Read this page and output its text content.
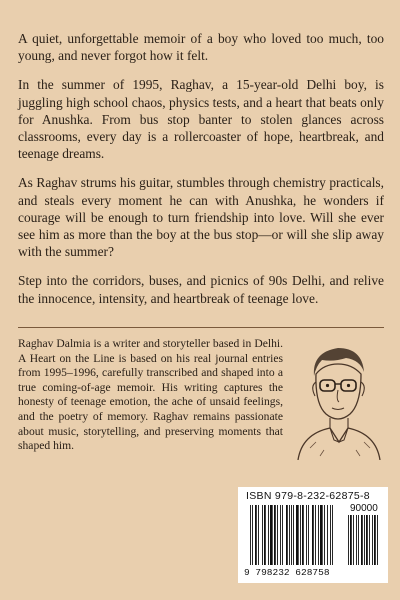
A quiet, unforgettable memoir of a boy who loved too much, too young, and never forgot how it felt.

In the summer of 1995, Raghav, a 15-year-old Delhi boy, is juggling high school chaos, physics tests, and a heart that beats only for Anushka. From bus stop banter to stolen glances across classrooms, every day is a rollercoaster of hope, heartbreak, and teenage dreams.

As Raghav strums his guitar, stumbles through chemistry practicals, and steals every moment he can with Anushka, he wonders if courage will be enough to turn friendship into love. Will she ever see him as more than the boy at the bus stop—or will she slip away with the summer?

Step into the corridors, buses, and picnics of 90s Delhi, and relive the innocence, intensity, and heartbreak of teenage love.

Raghav Dalmia is a writer and storyteller based in Delhi. A Heart on the Line is based on his real journal entries from 1995–1996, carefully transcribed and shaped into a true coming-of-age memoir. His writing captures the honesty of teenage emotion, the ache of unsaid feelings, and the poetry of memory. Raghav remains passionate about music, storytelling, and preserving moments that shaped him.

ISBN 979-8-232-62875-8
90000
9 798232 628758
